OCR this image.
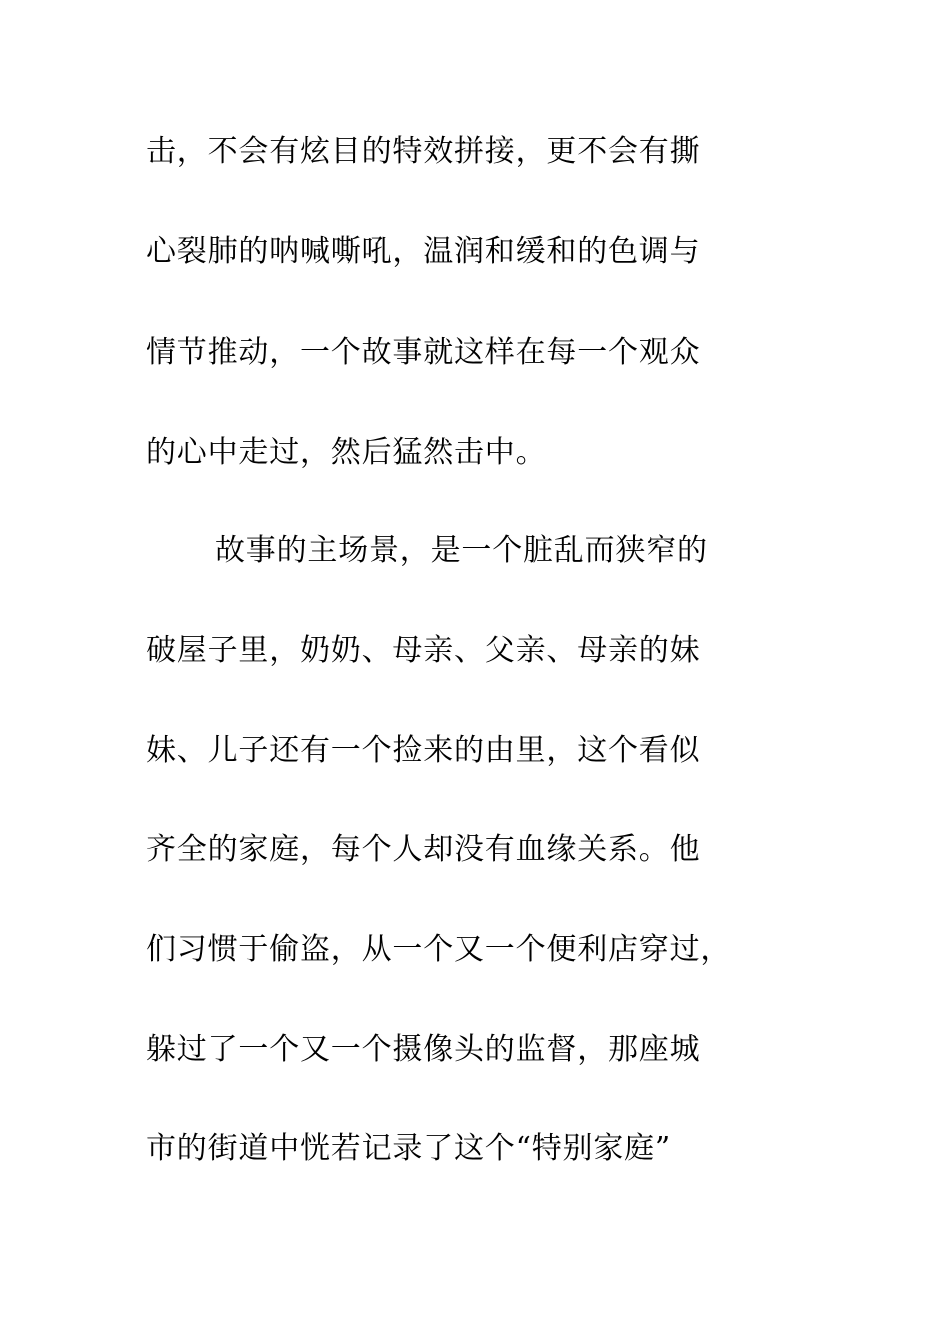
击，不会有炫目的特效拼接，更不会有撕
心裂肺的呐喊嘶吼，温润和缓和的色调与
情节推动，一个故事就这样在每一个观众
的心中走过，然后猛然击中。
故事的主场景，是一个脏乱而狭窄的
破屋子里，奶奶、母亲、父亲、母亲的妹
妹、儿子还有一个捡来的由里，这个看似
齐全的家庭，每个人却没有血缘关系。他
们习惯于偷盗，从一个又一个便利店穿过，
躲过了一个又一个摄像头的监督，那座城
市的街道中恍若记录了这个“特别家庭”
